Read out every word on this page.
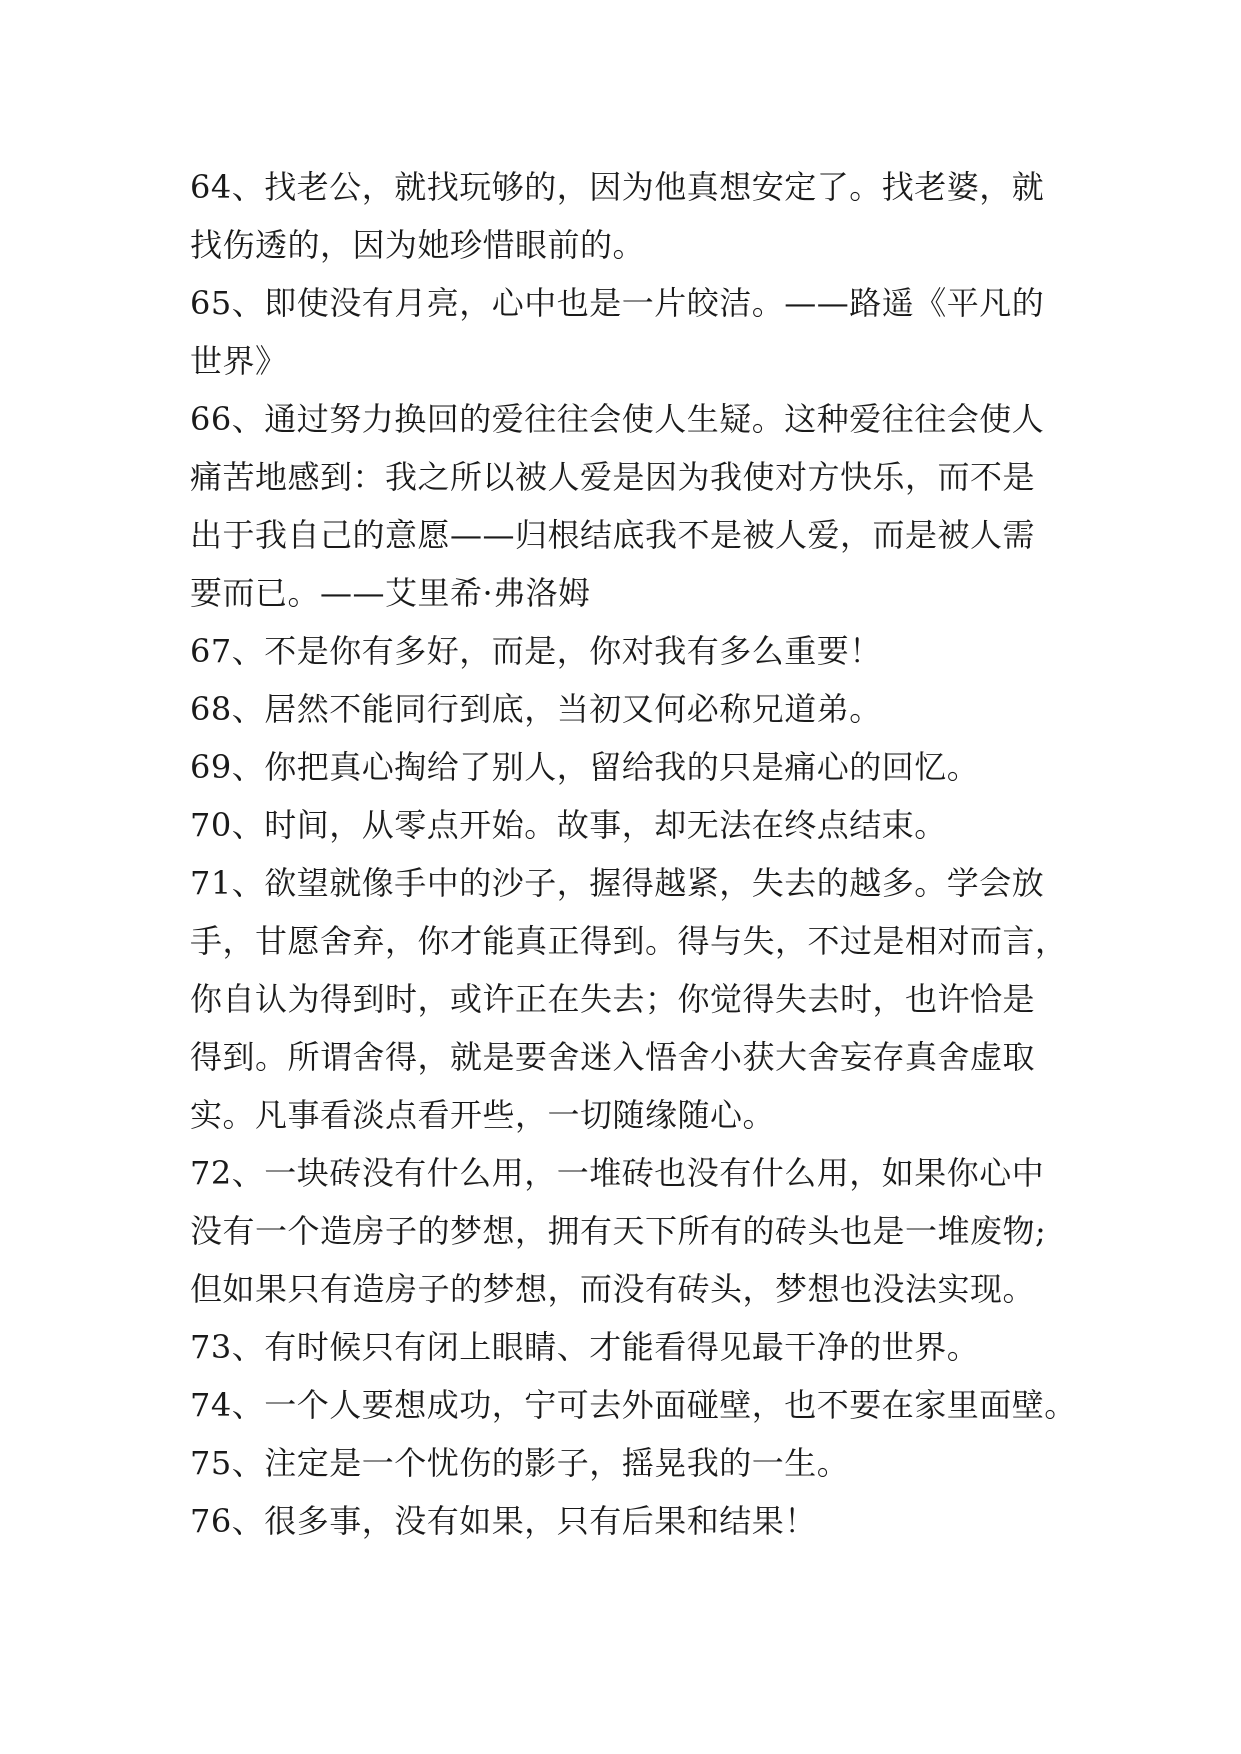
64、找老公，就找玩够的，因为他真想安定了。找老婆，就
找伤透的，因为她珍惜眼前的。
65、即使没有月亮，心中也是一片皎洁。——路遥《平凡的
世界》
66、通过努力换回的爱往往会使人生疑。这种爱往往会使人
痛苦地感到：我之所以被人爱是因为我使对方快乐，而不是
出于我自己的意愿——归根结底我不是被人爱，而是被人需
要而已。——艾里希·弗洛姆
67、不是你有多好，而是，你对我有多么重要！
68、居然不能同行到底，当初又何必称兄道弟。
69、你把真心掏给了别人，留给我的只是痛心的回忆。
70、时间，从零点开始。故事，却无法在终点结束。
71、欲望就像手中的沙子，握得越紧，失去的越多。学会放
手，甘愿舍弃，你才能真正得到。得与失，不过是相对而言，
你自认为得到时，或许正在失去；你觉得失去时，也许恰是
得到。所谓舍得，就是要舍迷入悟舍小获大舍妄存真舍虚取
实。凡事看淡点看开些，一切随缘随心。
72、一块砖没有什么用，一堆砖也没有什么用，如果你心中
没有一个造房子的梦想，拥有天下所有的砖头也是一堆废物;
但如果只有造房子的梦想，而没有砖头，梦想也没法实现。
73、有时候只有闭上眼睛、才能看得见最干净的世界。
74、一个人要想成功，宁可去外面碰壁，也不要在家里面壁。
75、注定是一个忧伤的影子，摇晃我的一生。
76、很多事，没有如果，只有后果和结果！
